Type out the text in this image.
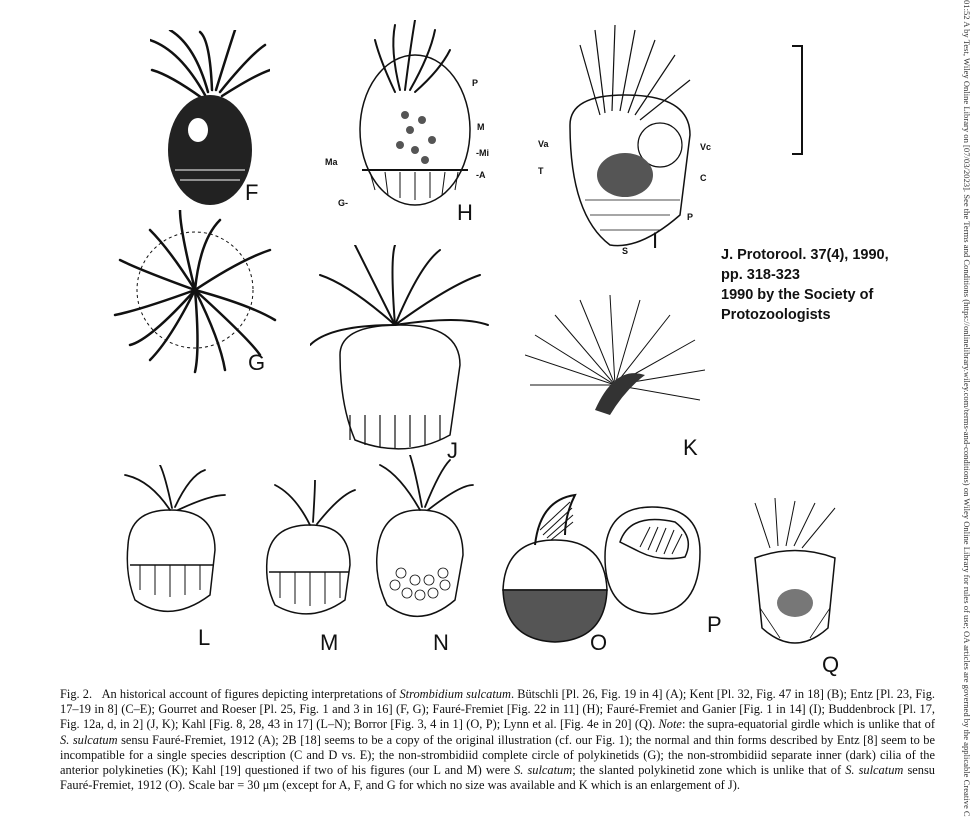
F
G
P
M
Ma
-Mi
-A
G-	H
Va	Vc
T
C
P
S I
J	K
L	M	N	O
P
Q
J. Protorool. 37(4), 1990,
pp. 318-323
1990 by the Society of
Protozoologists
Fig. 2. An historical account of figures depicting interpretations of Strombidium sulcatum. Bütschli [Pl. 26, Fig. 19 in 4] (A); Kent [Pl. 32, Fig. 47 in 18] (B); Entz [Pl. 23, Fig. 17–19 in 8] (C–E); Gourret and Roeser [Pl. 25, Fig. 1 and 3 in 16] (F, G); Fauré-Fremiet [Fig. 22 in 11] (H); Fauré-Fremiet and Ganier [Fig. 1 in 14] (I); Buddenbrock [Pl. 17, Fig. 12a, d, in 2] (J, K); Kahl [Fig. 8, 28, 43 in 17] (L–N); Borror [Fig. 3, 4 in 1] (O, P); Lynn et al. [Fig. 4e in 20] (Q). Note: the supra-equatorial girdle which is unlike that of S. sulcatum sensu Fauré-Fremiet, 1912 (A); 2B [18] seems to be a copy of the original illustration (cf. our Fig. 1); the normal and thin forms described by Entz [8] seem to be incompatible for a single species description (C and D vs. E); the non-strombidiid complete circle of polykinetids (G); the non-strombidiid separate inner (dark) cilia of the anterior polykineties (K); Kahl [19] questioned if two of his figures (our L and M) were S. sulcatum; the slanted polykinetid zone which is unlike that of S. sulcatum sensu Fauré-Fremiet, 1912 (O). Scale bar = 30 μm (except for A, F, and G for which no size was available and K which is an enlargement of J).	01:52 A by Test, Wiley Online Library on [07/03/2023]. See the Terms and Conditions (https://onlinelibrary.wiley.com/terms-and-conditions) on Wiley Online Library for rules of use; OA articles are governed by the applicable Creative C
